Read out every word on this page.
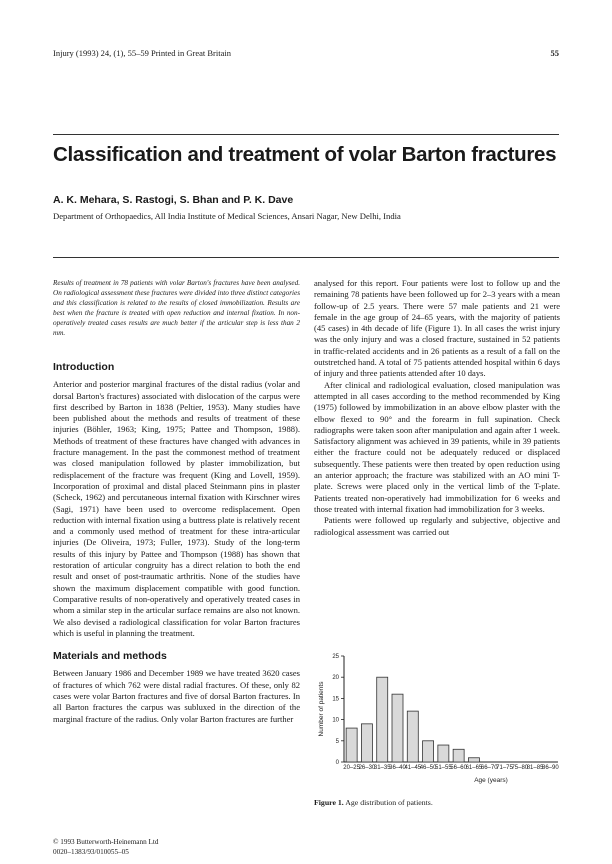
Injury (1993) 24, (1), 55–59 Printed in Great Britain	55
Classification and treatment of volar Barton fractures
A. K. Mehara, S. Rastogi, S. Bhan and P. K. Dave
Department of Orthopaedics, All India Institute of Medical Sciences, Ansari Nagar, New Delhi, India

Results of treatment in 78 patients with volar Barton's fractures have been analysed. On radiological assessment these fractures were divided into three distinct categories and this classification is related to the results of closed immobilization. Results are best when the fracture is treated with open reduction and internal fixation. In non-operatively treated cases results are much better if the articular step is less than 2 mm.

Introduction

Anterior and posterior marginal fractures of the distal radius (volar and dorsal Barton's fractures) associated with dislocation of the carpus were first described by Barton in 1838 (Peltier, 1953). Many studies have been published about the methods and results of treatment of these injuries (Böhler, 1963; King, 1975; Pattee and Thompson, 1988). Methods of treatment of these fractures have changed with advances in fracture management. In the past the commonest method of treatment was closed manipulation followed by plaster immobilization, but redisplacement of the fracture was frequent (King and Lovell, 1959). Incorporation of proximal and distal placed Steinmann pins in plaster (Scheck, 1962) and percutaneous internal fixation with Kirschner wires (Sagi, 1971) have been used to overcome redisplacement. Open reduction with internal fixation using a buttress plate is relatively recent and a commonly used method of treatment for these intra-articular injuries (De Oliveira, 1973; Fuller, 1973). Study of the long-term results of this injury by Pattee and Thompson (1988) has shown that restoration of articular congruity has a direct relation to both the end result and onset of post-traumatic arthritis. None of the studies have shown the maximum displacement compatible with good function. Comparative results of non-operatively and operatively treated cases in whom a similar step in the articular surface remains are also not known. We also devised a radiological classification for volar Barton fractures which is useful in planning the treatment.

Materials and methods

Between January 1986 and December 1989 we have treated 3620 cases of fractures of which 762 were distal radial fractures. Of these, only 82 cases were volar Barton fractures and five of dorsal Barton fractures. In all Barton fractures the carpus was subluxed in the direction of the marginal fracture of the radius. Only volar Barton fractures are further

© 1993 Butterworth-Heinemann Ltd
0020–1383/93/010055–05

analysed for this report. Four patients were lost to follow up and the remaining 78 patients have been followed up for 2–3 years with a mean follow-up of 2.5 years. There were 57 male patients and 21 were female in the age group of 24–65 years, with the majority of patients (45 cases) in 4th decade of life (Figure 1). In all cases the wrist injury was the only injury and was a closed fracture, sustained in 52 patients in traffic-related accidents and in 26 patients as a result of a fall on the outstretched hand. A total of 75 patients attended hospital within 6 days of injury and three patients attended after 10 days.

After clinical and radiological evaluation, closed manipulation was attempted in all cases according to the method recommended by King (1975) followed by immobilization in an above elbow plaster with the elbow flexed to 90° and the forearm in full supination. Check radiographs were taken soon after manipulation and again after 1 week. Satisfactory alignment was achieved in 39 patients, while in 39 patients either the fracture could not be adequately reduced or displaced subsequently. These patients were then treated by open reduction using an anterior approach; the fracture was stabilized with an AO mini T-plate. Screws were placed only in the vertical limb of the T-plate. Patients treated non-operatively had immobilization for 6 weeks and those treated with internal fixation had immobilization for 3 weeks.

Patients were followed up regularly and subjective, objective and radiological assessment was carried out

0
5
10
15
20
25
20–25
26–30
31–35
36–40
41–45
46–50
51–55
56–60
61–65
66–70
71–75
75–80
81–85
86–90
Number of patients
Age (years)
Figure 1. Age distribution of patients.
